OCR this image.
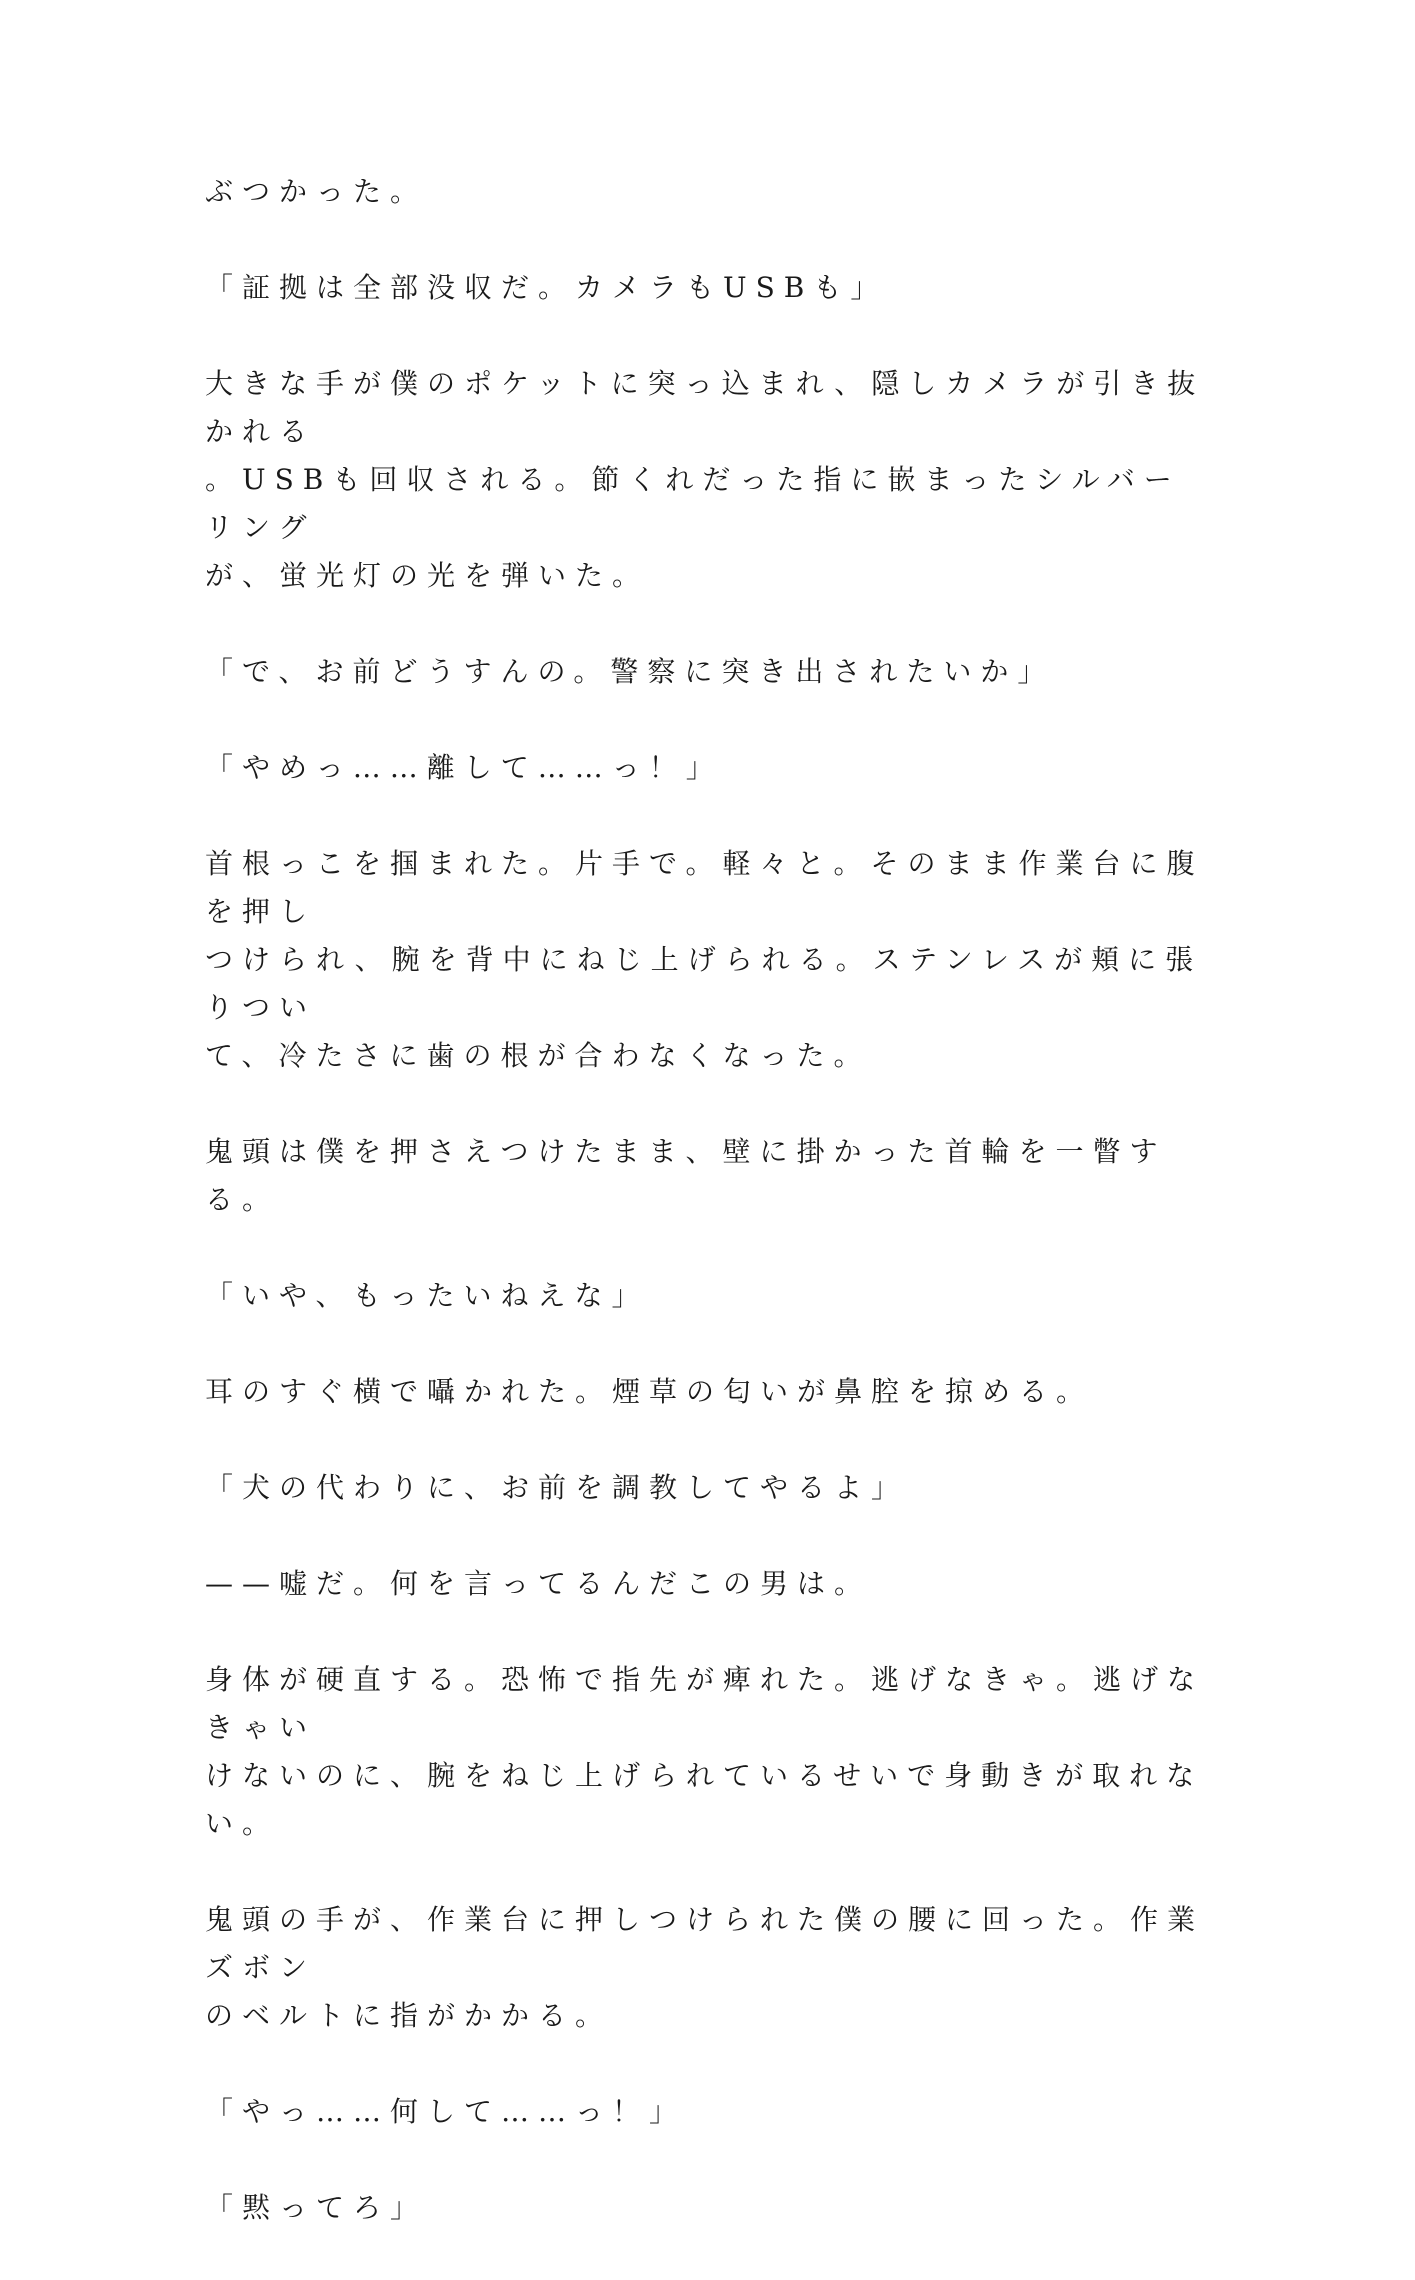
ぶつかった。

「証拠は全部没収だ。カメラもUSBも」

大きな手が僕のポケットに突っ込まれ、隠しカメラが引き抜かれる
。USBも回収される。節くれだった指に嵌まったシルバーリング
が、蛍光灯の光を弾いた。

「で、お前どうすんの。警察に突き出されたいか」

「やめっ……離して……っ！」

首根っこを掴まれた。片手で。軽々と。そのまま作業台に腹を押し
つけられ、腕を背中にねじ上げられる。ステンレスが頬に張りつい
て、冷たさに歯の根が合わなくなった。

鬼頭は僕を押さえつけたまま、壁に掛かった首輪を一瞥する。

「いや、もったいねえな」

耳のすぐ横で囁かれた。煙草の匂いが鼻腔を掠める。

「犬の代わりに、お前を調教してやるよ」

——嘘だ。何を言ってるんだこの男は。

身体が硬直する。恐怖で指先が痺れた。逃げなきゃ。逃げなきゃい
けないのに、腕をねじ上げられているせいで身動きが取れない。

鬼頭の手が、作業台に押しつけられた僕の腰に回った。作業ズボン
のベルトに指がかかる。

「やっ……何して……っ！」

「黙ってろ」
